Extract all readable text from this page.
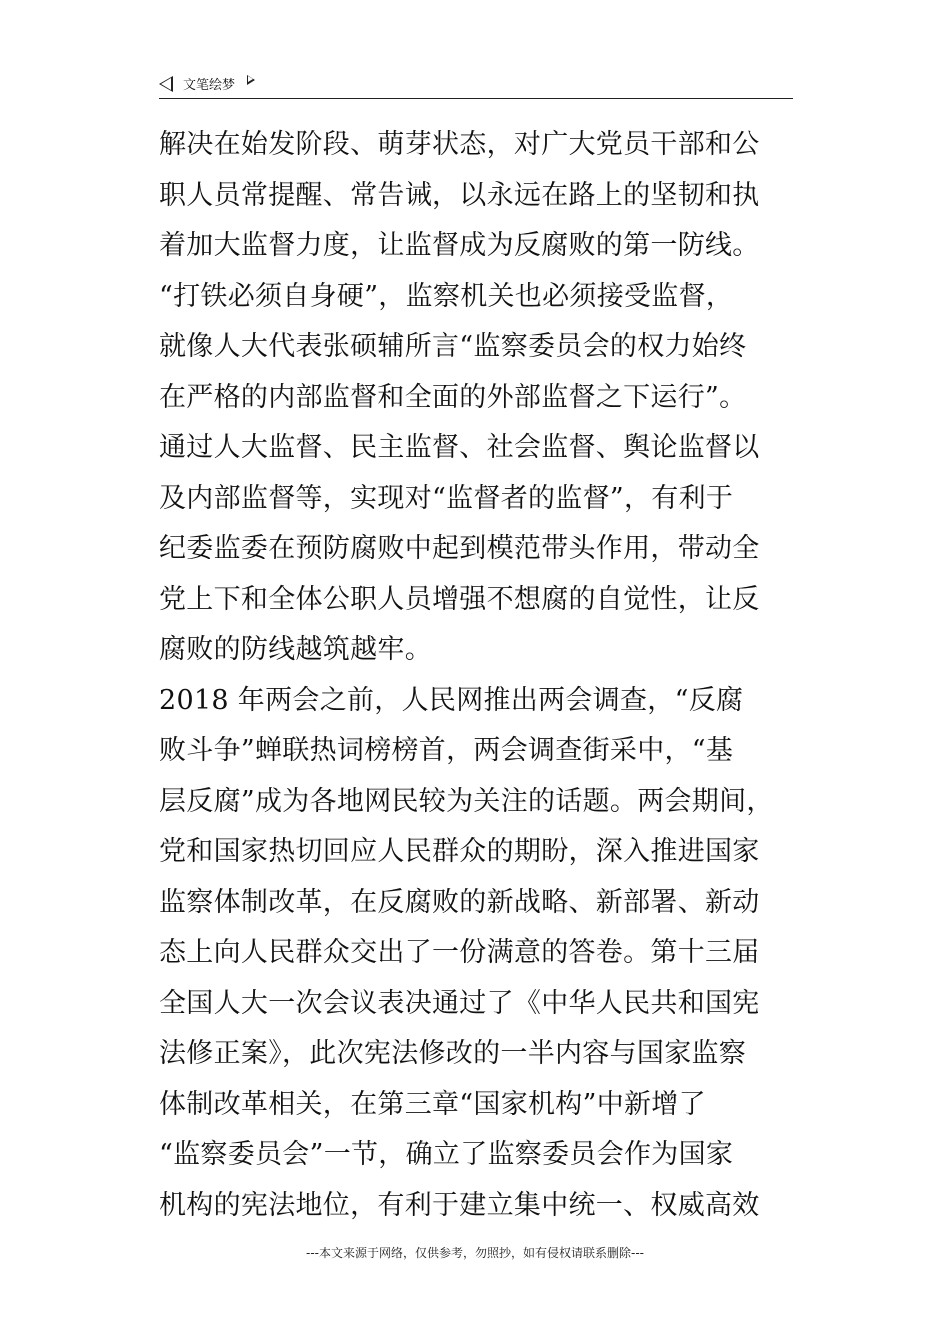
文笔绘梦

解决在始发阶段、萌芽状态，对广大党员干部和公
职人员常提醒、常告诫，以永远在路上的坚韧和执
着加大监督力度，让监督成为反腐败的第一防线。

“打铁必须自身硬”，监察机关也必须接受监督，
就像人大代表张硕辅所言“监察委员会的权力始终
在严格的内部监督和全面的外部监督之下运行”。
通过人大监督、民主监督、社会监督、舆论监督以
及内部监督等，实现对“监督者的监督”，有利于
纪委监委在预防腐败中起到模范带头作用，带动全
党上下和全体公职人员增强不想腐的自觉性，让反
腐败的防线越筑越牢。

2018 年两会之前，人民网推出两会调查，“反腐
败斗争”蝉联热词榜榜首，两会调查街采中，“基
层反腐”成为各地网民较为关注的话题。两会期间，
党和国家热切回应人民群众的期盼，深入推进国家
监察体制改革，在反腐败的新战略、新部署、新动
态上向人民群众交出了一份满意的答卷。第十三届
全国人大一次会议表决通过了《中华人民共和国宪
法修正案》，此次宪法修改的一半内容与国家监察
体制改革相关，在第三章“国家机构”中新增了
“监察委员会”一节，确立了监察委员会作为国家
机构的宪法地位，有利于建立集中统一、权威高效

---本文来源于网络，仅供参考，勿照抄，如有侵权请联系删除---
